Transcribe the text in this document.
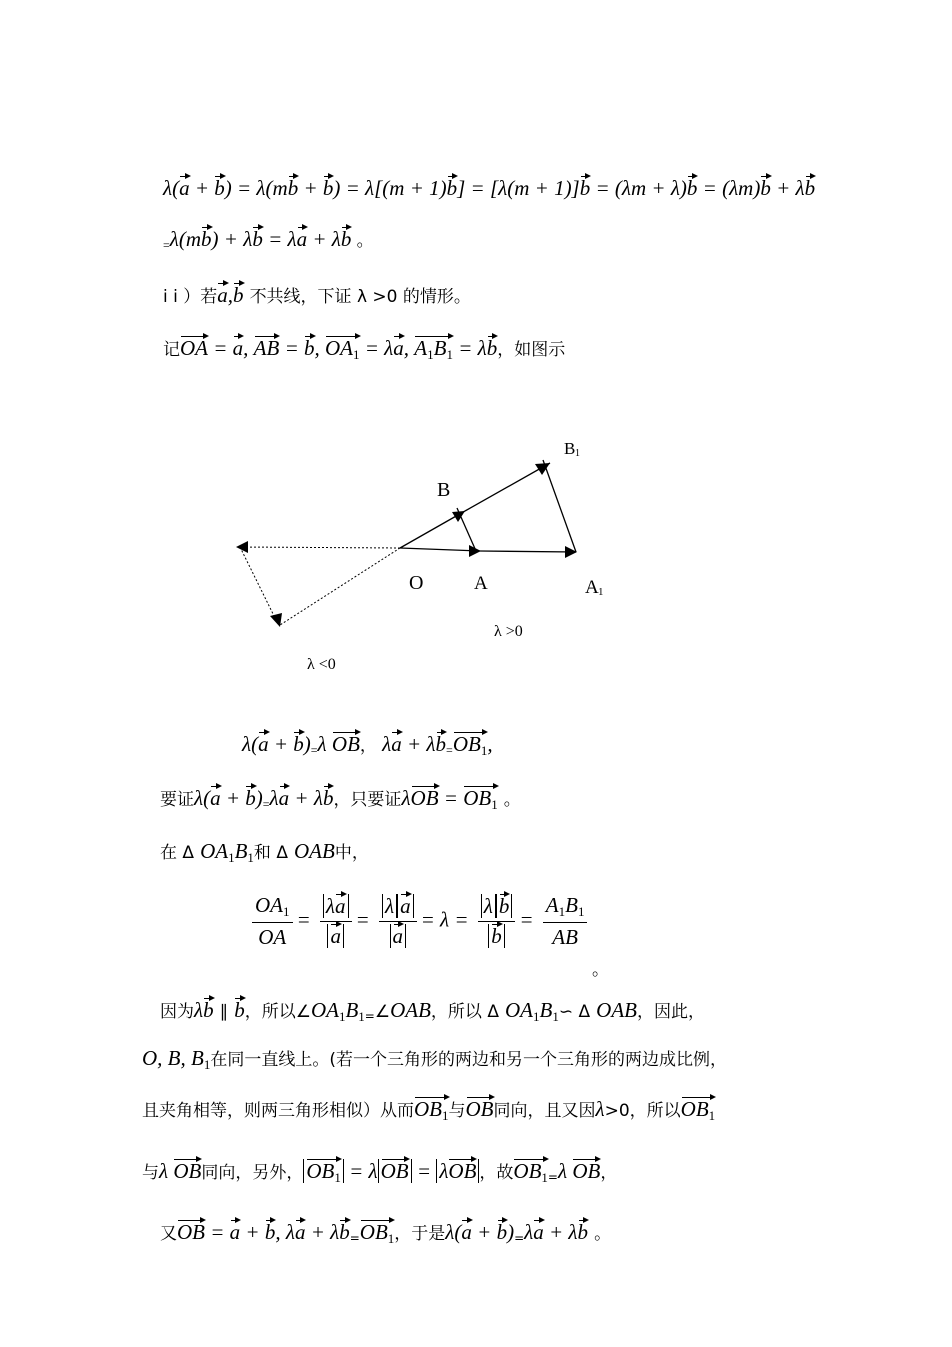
λ(a + b) = λ(mb + b) = λ[(m + 1)b] = [λ(m + 1)]b = (λm + λ)b = (λm)b + λb
=λ(mb) + λb = λa + λb 。
i i ）若a,b 不共线，下证 λ >0 的情形。
记OA = a, AB = b, $OA_1 = \lambda a$, $A_1B_1 = \lambda b$，如图示
B
B 1
O	A	A 1
λ >0
λ <0
λ(a + b)=λ OB， $\lambda a + \lambda b=OB_1$,
要证λ(a + b)=λa + λb，只要证$\lambda OB = OB_1$ 。
在 Δ $OA_1B_1$和 Δ OAB中，
$\frac{OA_1}{OA} = \frac{\lambda a}{a} = \frac{\text{λ a}}{a} = \lambda = \frac{\text{λ b}}{b} = \frac{A_1B_1}{AB}$
。
因为λb ∥ b，所以$\angle OA_1B_1=\angle OAB$，所以 Δ $OA_1B_1∽$ Δ OAB，因此，
O, B, $B_1$在同一直线上。(若一个三角形的两边和另一个三角形的两边成比例，
且夹角相等，则两三角形相似）从而$OB_1$与OB同向，且又因λ>0，所以$OB_1$
与λ OB同向，另外， $OB_1 = \lambda$ OB = λOB ，故$OB_1=\lambda$ OB，
又OB = a + b, $\lambda a + \lambda b=OB_1$，于是λ(a + b)=λa + λb 。
